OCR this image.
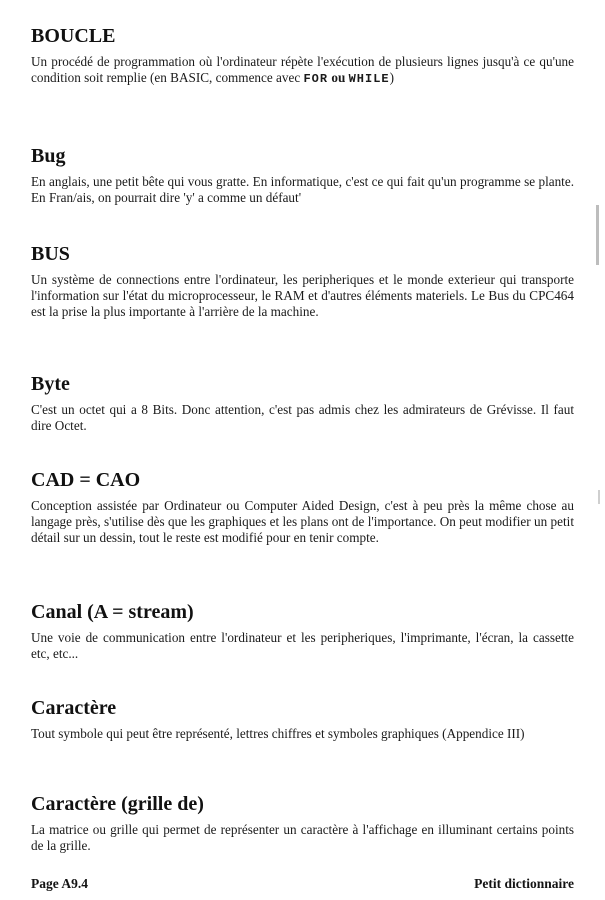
BOUCLE

Un procédé de programmation où l'ordinateur répète l'exécution de plusieurs lignes jusqu'à ce qu'une condition soit remplie (en BASIC, commence avec FOR ou WHILE)

Bug

En anglais, une petit bête qui vous gratte. En informatique, c'est ce qui fait qu'un programme se plante. En Fran/ais, on pourrait dire 'y' a comme un défaut'

BUS

Un système de connections entre l'ordinateur, les peripheriques et le monde exterieur qui transporte l'information sur l'état du microprocesseur, le RAM et d'autres éléments materiels. Le Bus du CPC464 est la prise la plus importante à l'arrière de la machine.

Byte

C'est un octet qui a 8 Bits. Donc attention, c'est pas admis chez les admirateurs de Grévisse. Il faut dire Octet.

CAD = CAO

Conception assistée par Ordinateur ou Computer Aided Design, c'est à peu près la même chose au langage près, s'utilise dès que les graphiques et les plans ont de l'importance. On peut modifier un petit détail sur un dessin, tout le reste est modifié pour en tenir compte.

Canal (A = stream)

Une voie de communication entre l'ordinateur et les peripheriques, l'imprimante, l'écran, la cassette etc, etc...

Caractère

Tout symbole qui peut être représenté, lettres chiffres et symboles graphiques (Appendice III)

Caractère (grille de)

La matrice ou grille qui permet de représenter un caractère à l'affichage en illuminant certains points de la grille.

Page A9.4	Petit dictionnaire
